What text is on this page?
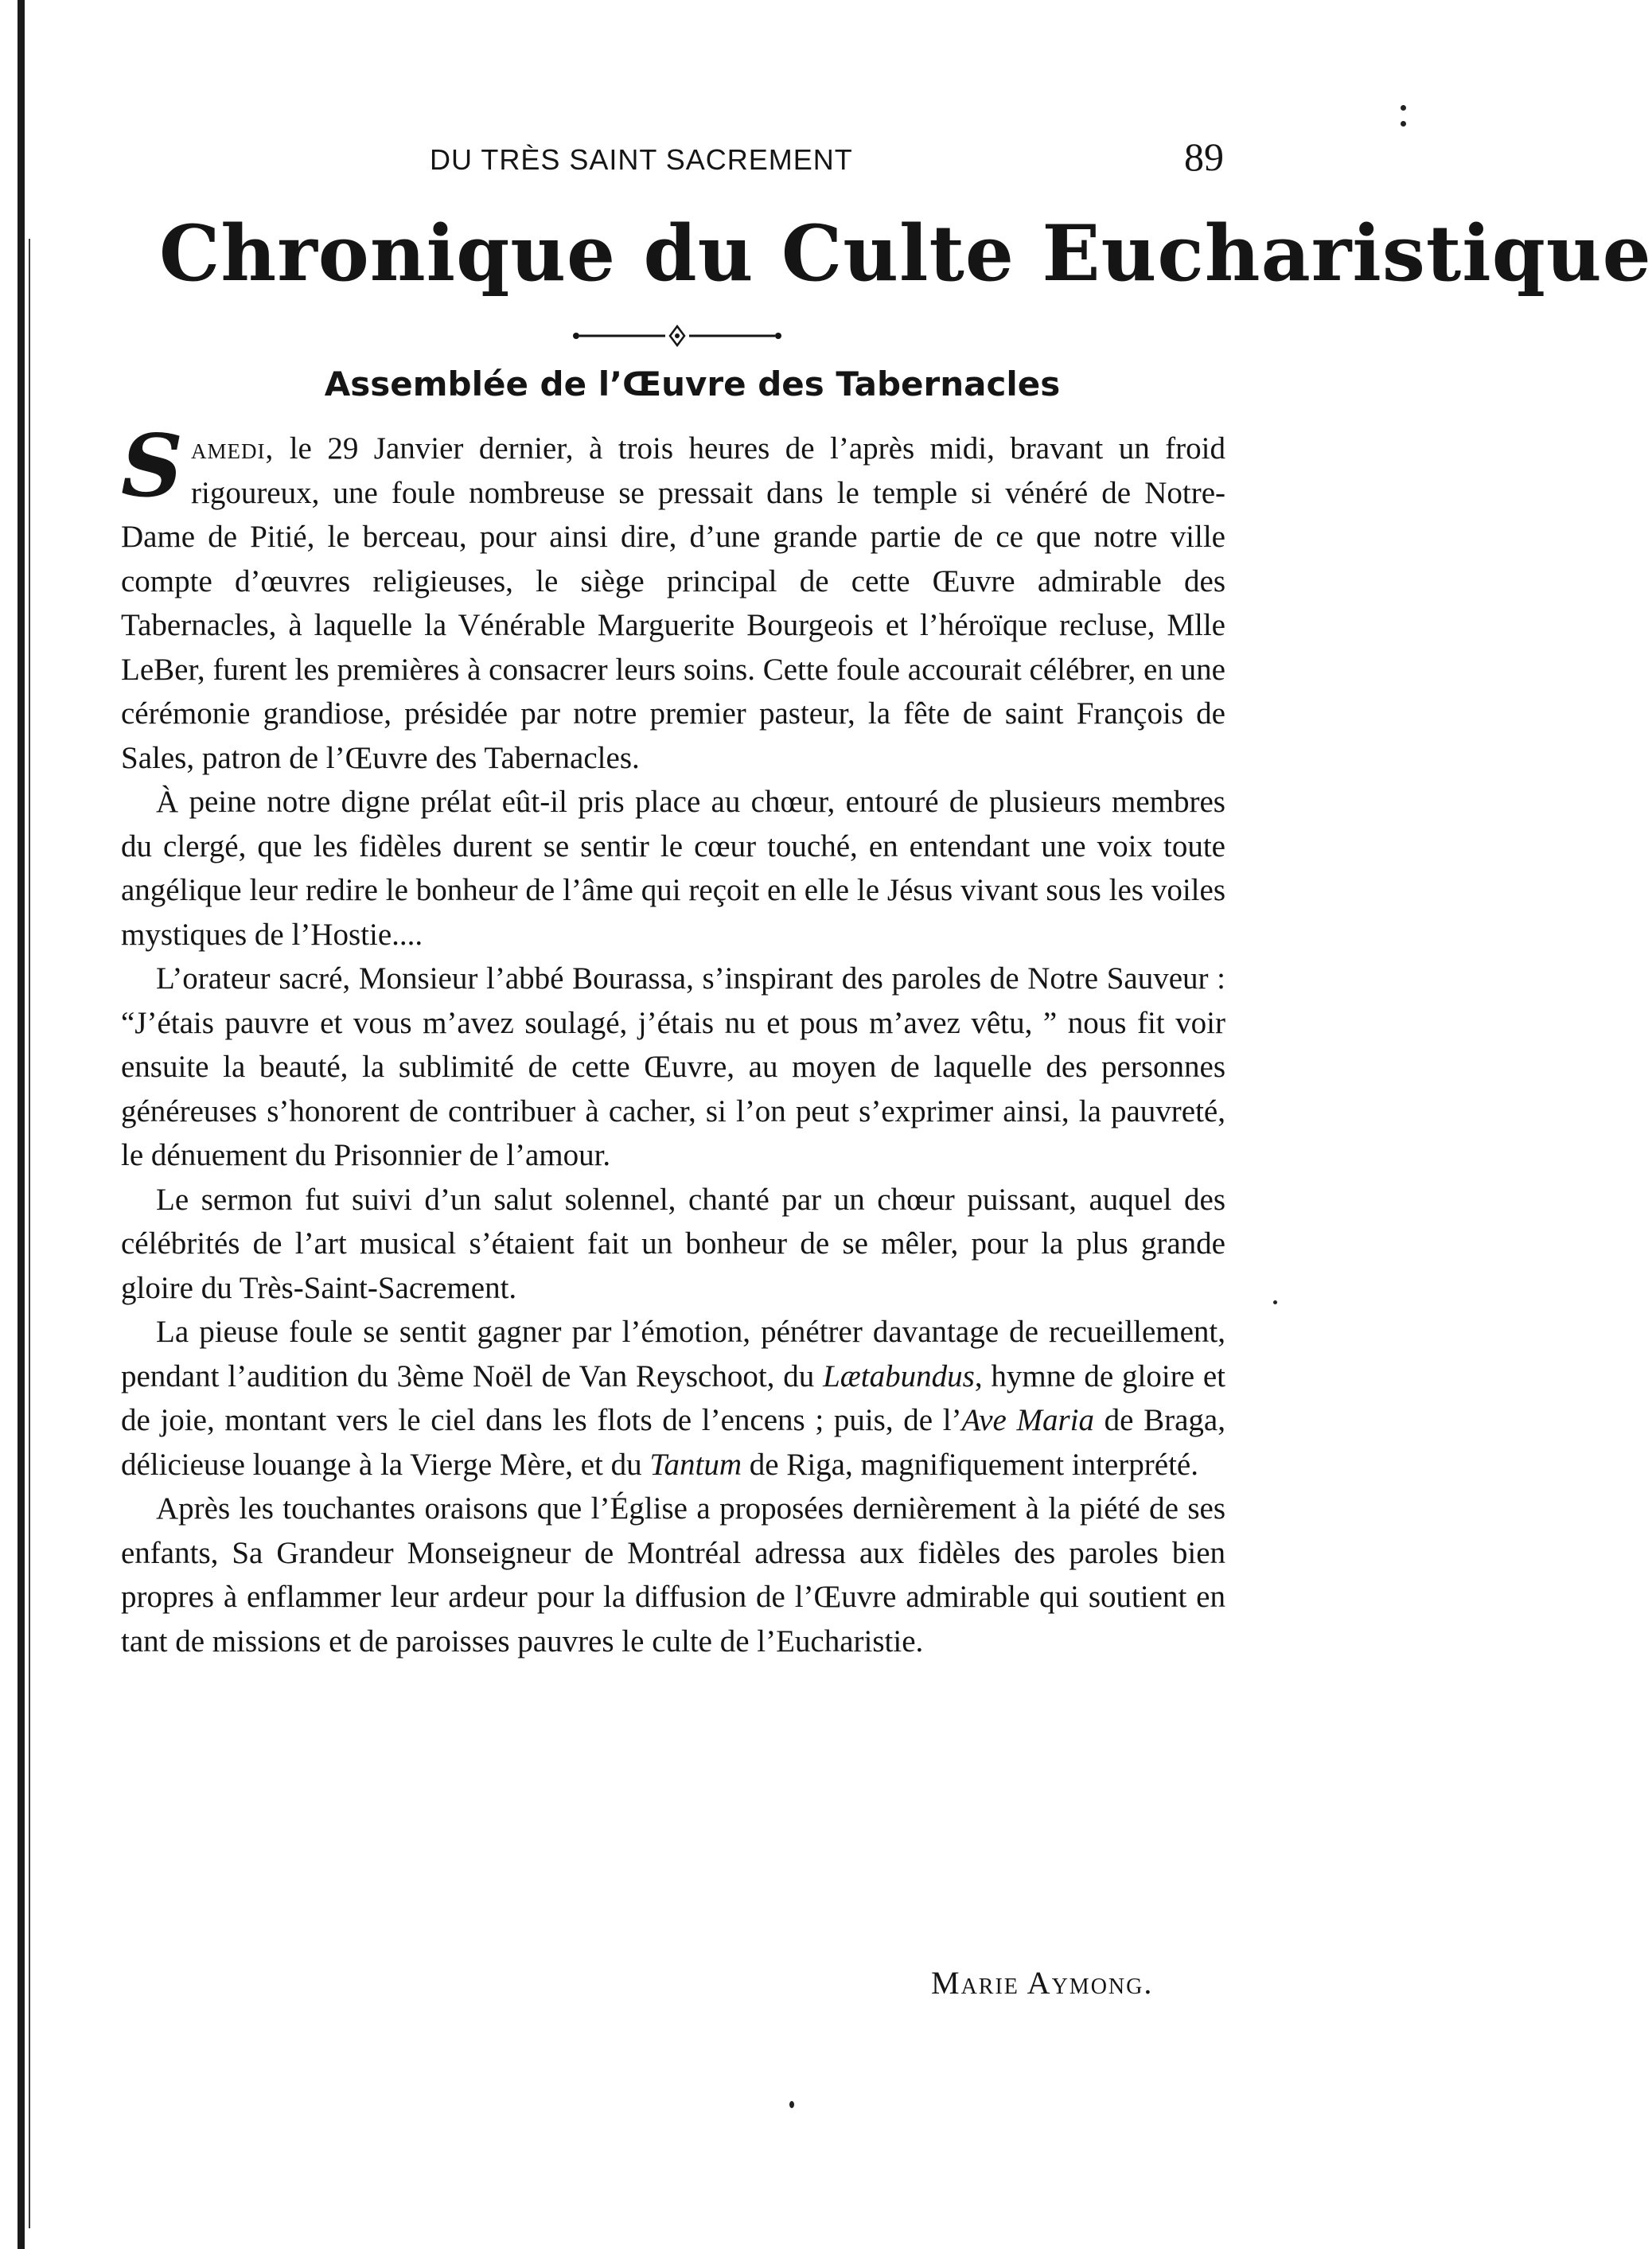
DU TRÈS SAINT SACREMENT	89
Chronique du Culte Eucharistique
Assemblée de l’Œuvre des Tabernacles

Samedi, le 29 Janvier dernier, à trois heures de l’après midi, bravant un froid rigoureux, une foule nombreuse se pressait dans le temple si vénéré de Notre-Dame de Pitié, le berceau, pour ainsi dire, d’une grande partie de ce que notre ville compte d’œuvres religieuses, le siège principal de cette Œuvre admirable des Tabernacles, à laquelle la Vénérable Marguerite Bourgeois et l’héroïque recluse, Mlle LeBer, furent les premières à consacrer leurs soins. Cette foule accourait célébrer, en une cérémonie grandiose, présidée par notre premier pasteur, la fête de saint François de Sales, patron de l’Œuvre des Tabernacles.

À peine notre digne prélat eût-il pris place au chœur, entouré de plusieurs membres du clergé, que les fidèles durent se sentir le cœur touché, en entendant une voix toute angélique leur redire le bonheur de l’âme qui reçoit en elle le Jésus vivant sous les voiles mystiques de l’Hostie....

L’orateur sacré, Monsieur l’abbé Bourassa, s’inspirant des paroles de Notre Sauveur : “J’étais pauvre et vous m’avez soulagé, j’étais nu et pous m’avez vêtu, ” nous fit voir ensuite la beauté, la sublimité de cette Œuvre, au moyen de laquelle des personnes généreuses s’honorent de contribuer à cacher, si l’on peut s’exprimer ainsi, la pauvreté, le dénuement du Prisonnier de l’amour.

Le sermon fut suivi d’un salut solennel, chanté par un chœur puissant, auquel des célébrités de l’art musical s’étaient fait un bonheur de se mêler, pour la plus grande gloire du Très-Saint-Sacrement.

La pieuse foule se sentit gagner par l’émotion, pénétrer davantage de recueillement, pendant l’audition du 3ème Noël de Van Reyschoot, du Lætabundus, hymne de gloire et de joie, montant vers le ciel dans les flots de l’encens ; puis, de l’Ave Maria de Braga, délicieuse louange à la Vierge Mère, et du Tantum de Riga, magnifiquement interprété.

Après les touchantes oraisons que l’Église a proposées dernièrement à la piété de ses enfants, Sa Grandeur Monseigneur de Montréal adressa aux fidèles des paroles bien propres à enflammer leur ardeur pour la diffusion de l’Œuvre admirable qui soutient en tant de missions et de paroisses pauvres le culte de l’Eucharistie.

Marie Aymong.
